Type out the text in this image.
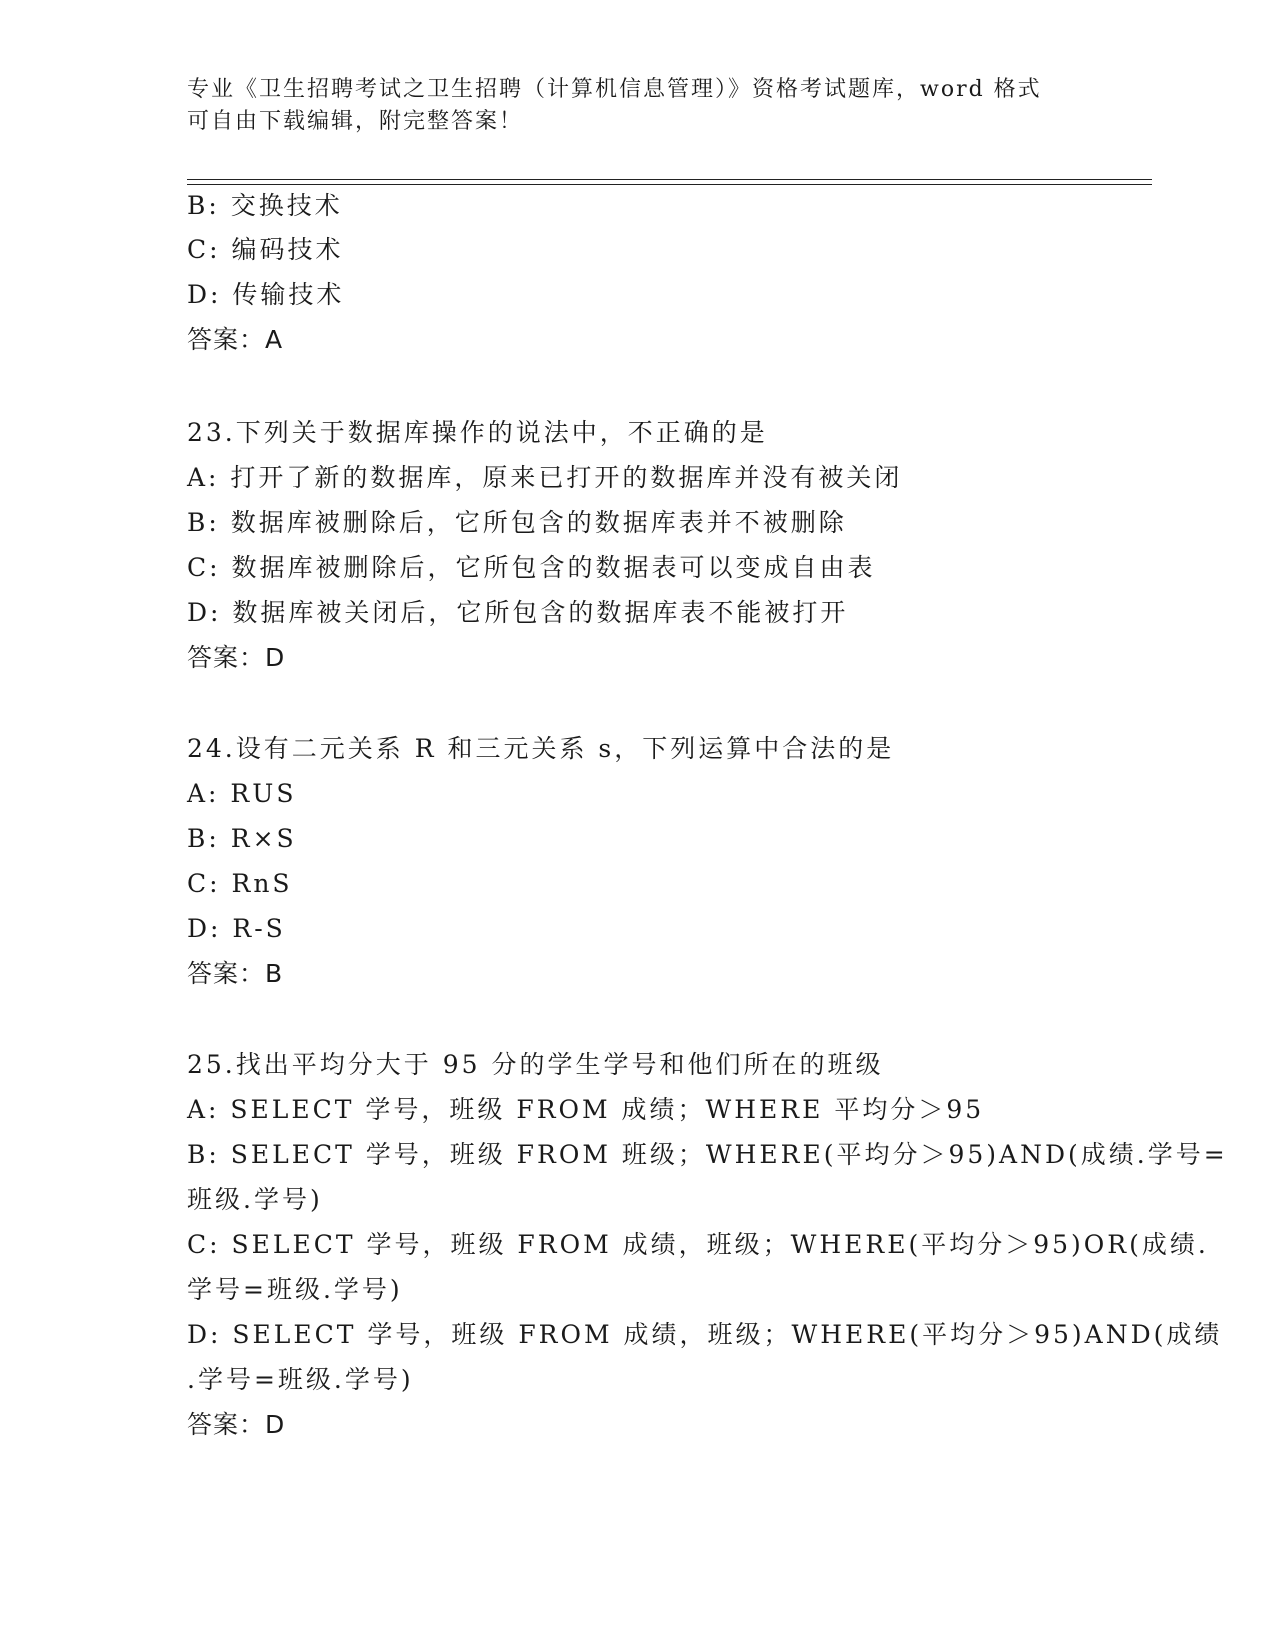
专业《卫生招聘考试之卫生招聘（计算机信息管理）》资格考试题库，word 格式
可自由下载编辑，附完整答案！
B: 交换技术
C: 编码技术
D: 传输技术
答案：A
23.下列关于数据库操作的说法中，不正确的是
A: 打开了新的数据库，原来已打开的数据库并没有被关闭
B: 数据库被删除后，它所包含的数据库表并不被删除
C: 数据库被删除后，它所包含的数据表可以变成自由表
D: 数据库被关闭后，它所包含的数据库表不能被打开
答案：D
24.设有二元关系 R 和三元关系 s，下列运算中合法的是
A: RUS
B: R×S
C: RnS
D: R-S
答案：B
25.找出平均分大于 95 分的学生学号和他们所在的班级
A: SELECT 学号，班级 FROM 成绩；WHERE 平均分＞95
B: SELECT 学号，班级 FROM 班级；WHERE(平均分＞95)AND(成绩.学号=
班级.学号)
C: SELECT 学号，班级 FROM 成绩，班级；WHERE(平均分＞95)OR(成绩.
学号=班级.学号)
D: SELECT 学号，班级 FROM 成绩，班级；WHERE(平均分＞95)AND(成绩
.学号=班级.学号)
答案：D
